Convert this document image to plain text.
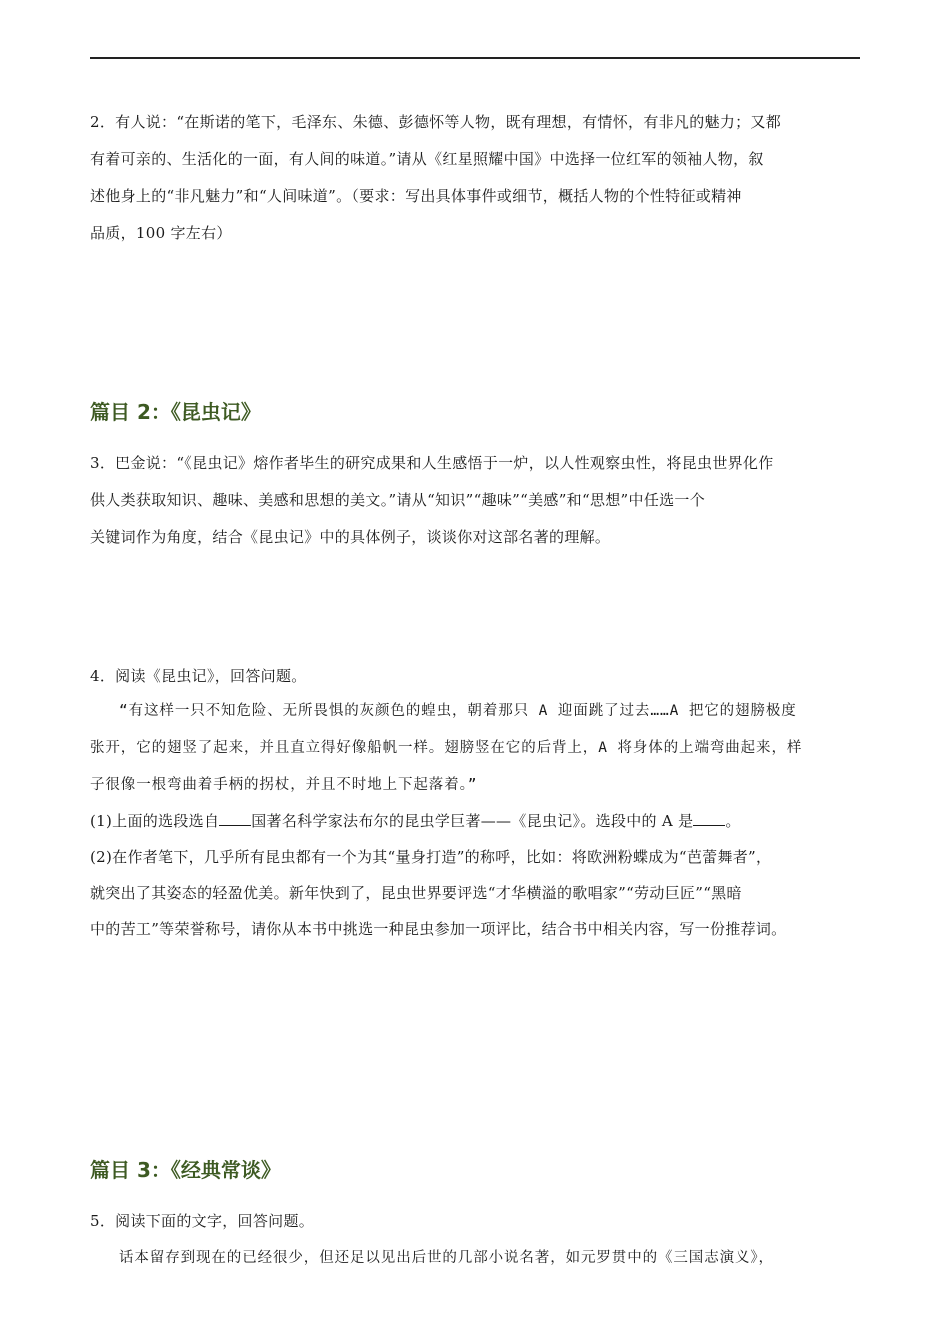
2．有人说：“在斯诺的笔下，毛泽东、朱德、彭德怀等人物，既有理想，有情怀，有非凡的魅力；又都
有着可亲的、生活化的一面，有人间的味道。”请从《红星照耀中国》中选择一位红军的领袖人物，叙
述他身上的“非凡魅力”和“人间味道”。（要求：写出具体事件或细节，概括人物的个性特征或精神
品质，100 字左右）
篇目 2：《昆虫记》
3．巴金说：“《昆虫记》熔作者毕生的研究成果和人生感悟于一炉，以人性观察虫性，将昆虫世界化作
供人类获取知识、趣味、美感和思想的美文。”请从“知识”“趣味”“美感”和“思想”中任选一个
关键词作为角度，结合《昆虫记》中的具体例子，谈谈你对这部名著的理解。
4．阅读《昆虫记》，回答问题。
“有这样一只不知危险、无所畏惧的灰颜色的蝗虫，朝着那只 A 迎面跳了过去……A 把它的翅膀极度
张开，它的翅竖了起来，并且直立得好像船帆一样。翅膀竖在它的后背上，A 将身体的上端弯曲起来，样
子很像一根弯曲着手柄的拐杖，并且不时地上下起落着。”
(1)上面的选段选自 国著名科学家法布尔的昆虫学巨著——《昆虫记》。选段中的 A 是 。
(2)在作者笔下，几乎所有昆虫都有一个为其“量身打造”的称呼，比如：将欧洲粉蝶成为“芭蕾舞者”，
就突出了其姿态的轻盈优美。新年快到了，昆虫世界要评选“才华横溢的歌唱家”“劳动巨匠”“黑暗
中的苦工”等荣誉称号，请你从本书中挑选一种昆虫参加一项评比，结合书中相关内容，写一份推荐词。
篇目 3：《经典常谈》
5．阅读下面的文字，回答问题。
话本留存到现在的已经很少，但还足以见出后世的几部小说名著，如元罗贯中的《三国志演义》，
